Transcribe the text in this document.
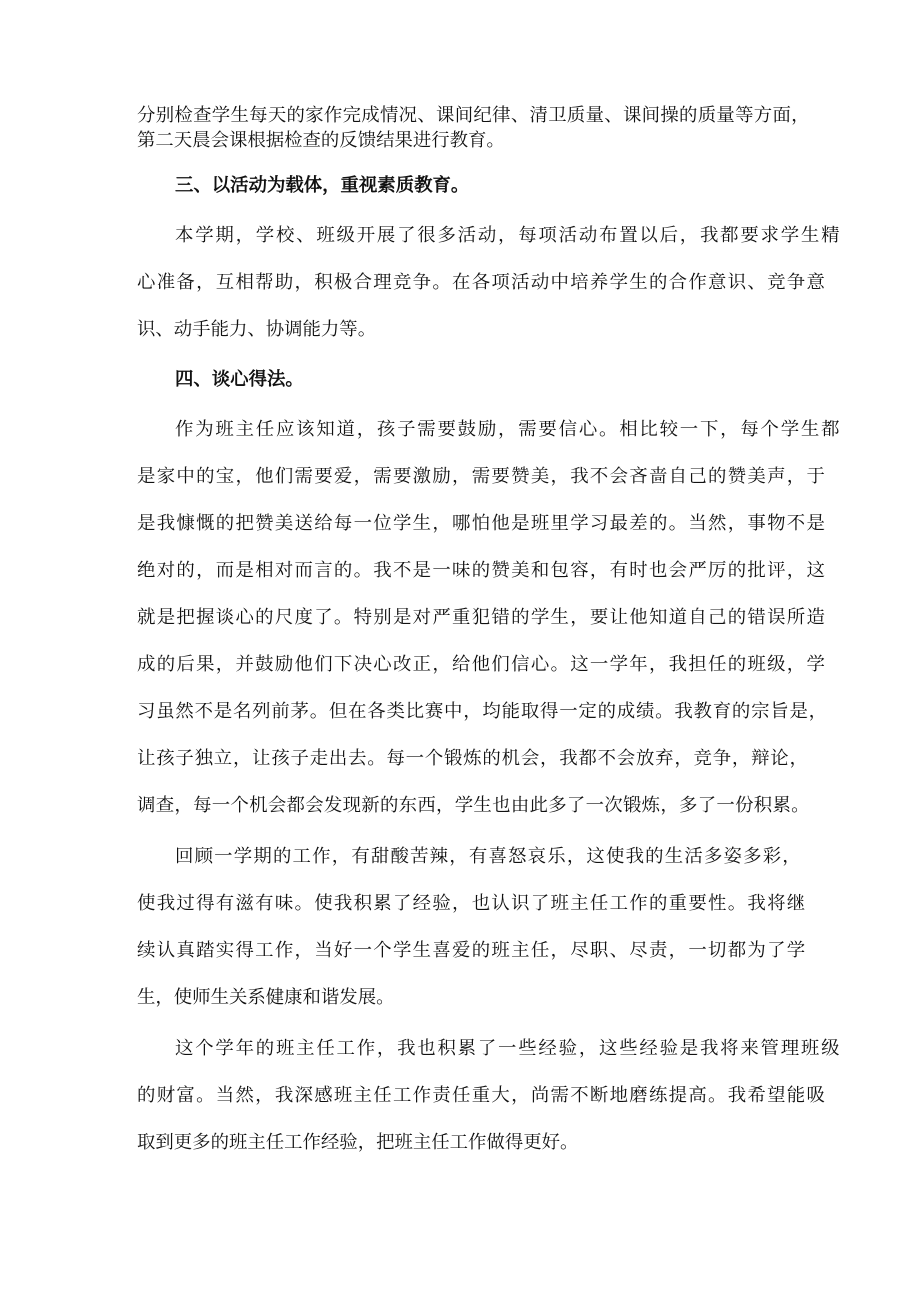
分别检查学生每天的家作完成情况、课间纪律、清卫质量、课间操的质量等方面，
第二天晨会课根据检查的反馈结果进行教育。
三、以活动为载体，重视素质教育。
本学期，学校、班级开展了很多活动，每项活动布置以后，我都要求学生精
心准备，互相帮助，积极合理竞争。在各项活动中培养学生的合作意识、竞争意
识、动手能力、协调能力等。
四、谈心得法。
作为班主任应该知道，孩子需要鼓励，需要信心。相比较一下，每个学生都
是家中的宝，他们需要爱，需要激励，需要赞美，我不会吝啬自己的赞美声，于
是我慷慨的把赞美送给每一位学生，哪怕他是班里学习最差的。当然，事物不是
绝对的，而是相对而言的。我不是一味的赞美和包容，有时也会严厉的批评，这
就是把握谈心的尺度了。特别是对严重犯错的学生，要让他知道自己的错误所造
成的后果，并鼓励他们下决心改正，给他们信心。这一学年，我担任的班级，学
习虽然不是名列前茅。但在各类比赛中，均能取得一定的成绩。我教育的宗旨是，
让孩子独立，让孩子走出去。每一个锻炼的机会，我都不会放弃，竞争，辩论，
调查，每一个机会都会发现新的东西，学生也由此多了一次锻炼，多了一份积累。
回顾一学期的工作，有甜酸苦辣，有喜怒哀乐，这使我的生活多姿多彩，
使我过得有滋有味。使我积累了经验，也认识了班主任工作的重要性。我将继
续认真踏实得工作，当好一个学生喜爱的班主任，尽职、尽责，一切都为了学
生，使师生关系健康和谐发展。
这个学年的班主任工作，我也积累了一些经验，这些经验是我将来管理班级
的财富。当然，我深感班主任工作责任重大，尚需不断地磨练提高。我希望能吸
取到更多的班主任工作经验，把班主任工作做得更好。
